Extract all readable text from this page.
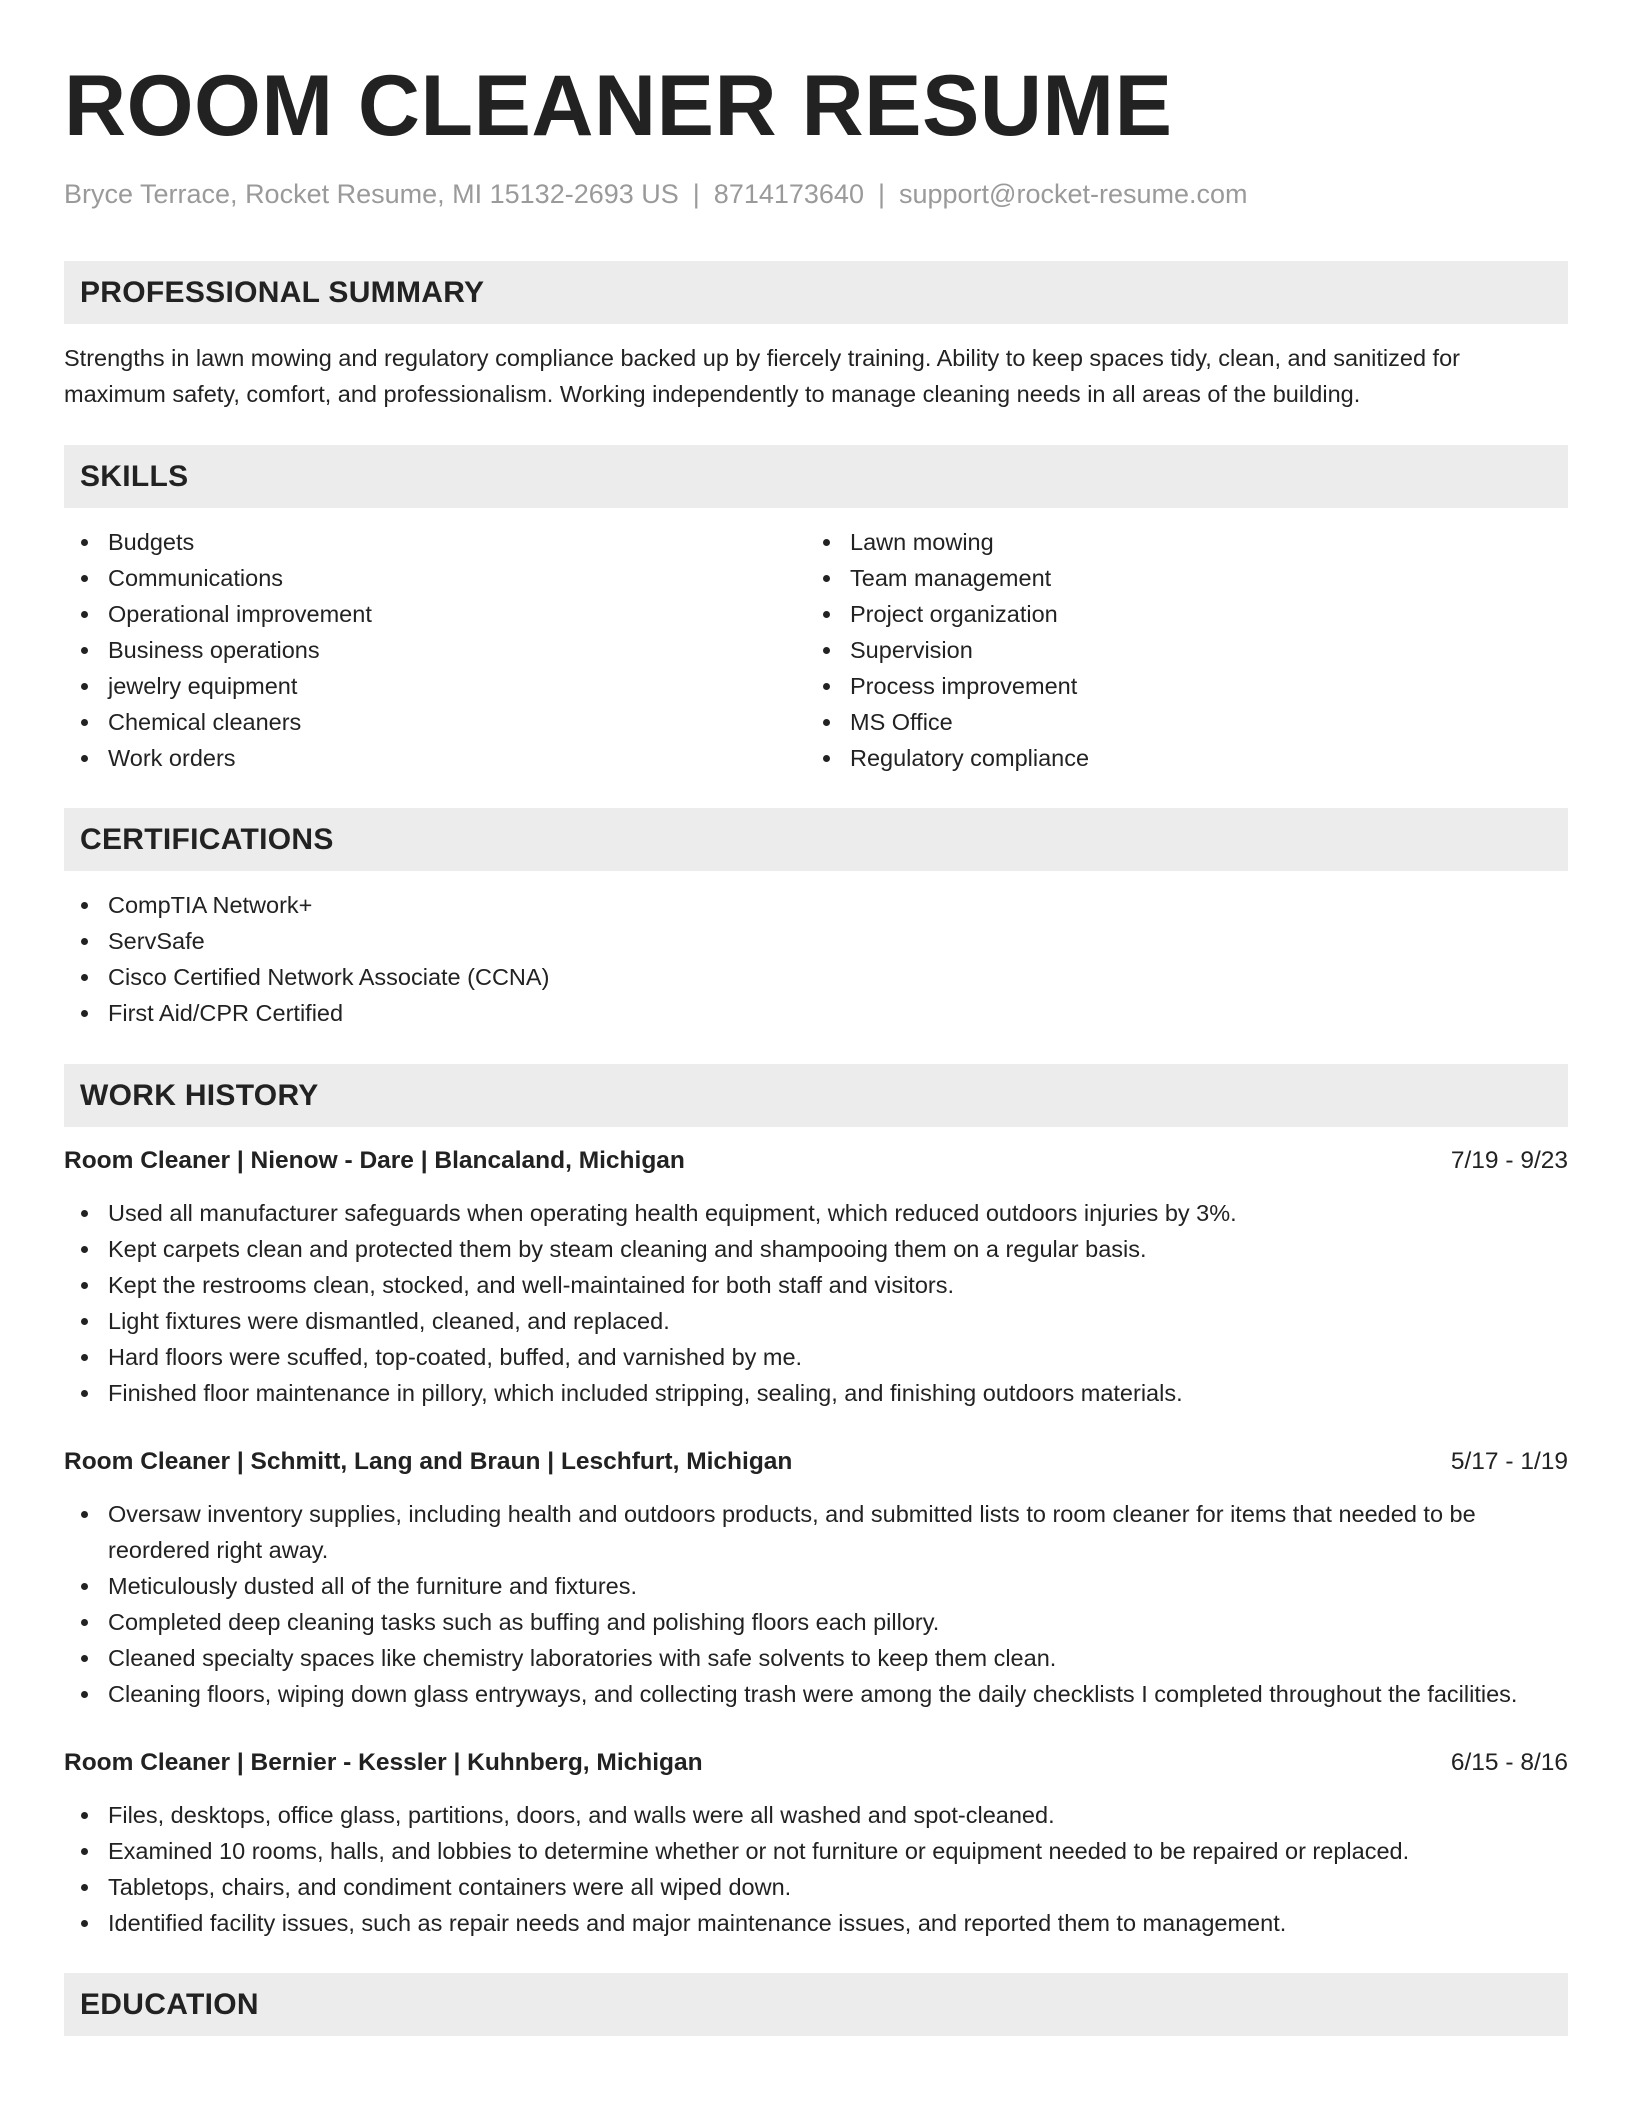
ROOM CLEANER RESUME
Bryce Terrace, Rocket Resume, MI 15132-2693 US | 8714173640 | support@rocket-resume.com
PROFESSIONAL SUMMARY

Strengths in lawn mowing and regulatory compliance backed up by fiercely training. Ability to keep spaces tidy, clean, and sanitized for maximum safety, comfort, and professionalism. Working independently to manage cleaning needs in all areas of the building.

SKILLS
Budgets
Communications
Operational improvement
Business operations
jewelry equipment
Chemical cleaners
Work orders
Lawn mowing
Team management
Project organization
Supervision
Process improvement
MS Office
Regulatory compliance
CERTIFICATIONS
CompTIA Network+
ServSafe
Cisco Certified Network Associate (CCNA)
First Aid/CPR Certified
WORK HISTORY
Room Cleaner | Nienow - Dare | Blancaland, Michigan	7/19 - 9/23
Used all manufacturer safeguards when operating health equipment, which reduced outdoors injuries by 3%.
Kept carpets clean and protected them by steam cleaning and shampooing them on a regular basis.
Kept the restrooms clean, stocked, and well-maintained for both staff and visitors.
Light fixtures were dismantled, cleaned, and replaced.
Hard floors were scuffed, top-coated, buffed, and varnished by me.
Finished floor maintenance in pillory, which included stripping, sealing, and finishing outdoors materials.
Room Cleaner | Schmitt, Lang and Braun | Leschfurt, Michigan	5/17 - 1/19
Oversaw inventory supplies, including health and outdoors products, and submitted lists to room cleaner for items that needed to be reordered right away.
Meticulously dusted all of the furniture and fixtures.
Completed deep cleaning tasks such as buffing and polishing floors each pillory.
Cleaned specialty spaces like chemistry laboratories with safe solvents to keep them clean.
Cleaning floors, wiping down glass entryways, and collecting trash were among the daily checklists I completed throughout the facilities.
Room Cleaner | Bernier - Kessler | Kuhnberg, Michigan	6/15 - 8/16
Files, desktops, office glass, partitions, doors, and walls were all washed and spot-cleaned.
Examined 10 rooms, halls, and lobbies to determine whether or not furniture or equipment needed to be repaired or replaced.
Tabletops, chairs, and condiment containers were all wiped down.
Identified facility issues, such as repair needs and major maintenance issues, and reported them to management.
EDUCATION
